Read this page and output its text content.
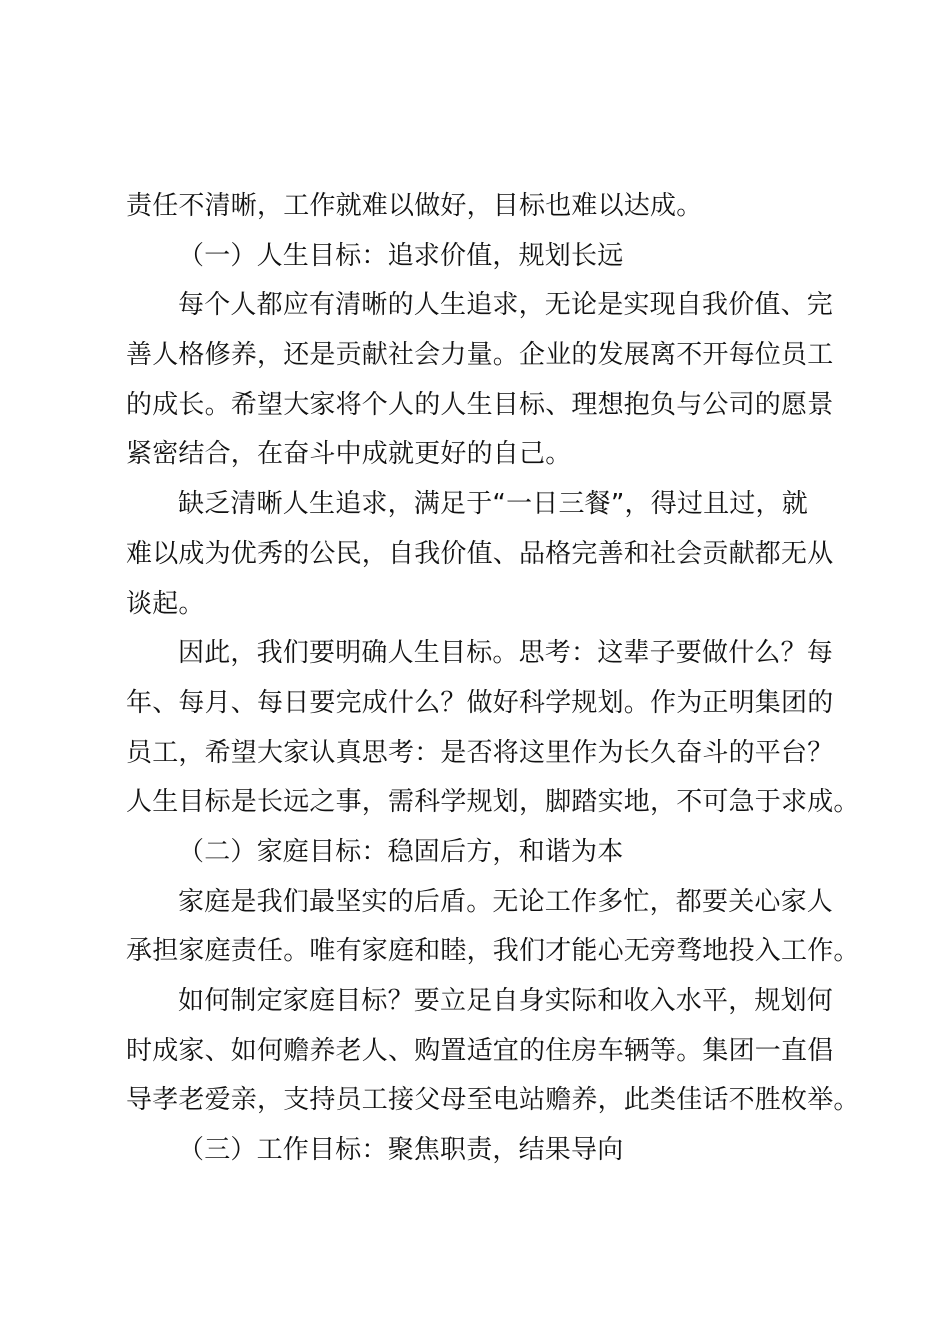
责任不清晰，工作就难以做好，目标也难以达成。
（一）人生目标：追求价值，规划长远
每个人都应有清晰的人生追求，无论是实现自我价值、完
善人格修养，还是贡献社会力量。企业的发展离不开每位员工
的成长。希望大家将个人的人生目标、理想抱负与公司的愿景
紧密结合，在奋斗中成就更好的自己。
缺乏清晰人生追求，满足于“一日三餐”，得过且过，就
难以成为优秀的公民，自我价值、品格完善和社会贡献都无从
谈起。
因此，我们要明确人生目标。思考：这辈子要做什么？每
年、每月、每日要完成什么？做好科学规划。作为正明集团的
员工，希望大家认真思考：是否将这里作为长久奋斗的平台？
人生目标是长远之事，需科学规划，脚踏实地，不可急于求成。
（二）家庭目标：稳固后方，和谐为本
家庭是我们最坚实的后盾。无论工作多忙，都要关心家人
承担家庭责任。唯有家庭和睦，我们才能心无旁骛地投入工作。
如何制定家庭目标？要立足自身实际和收入水平，规划何
时成家、如何赡养老人、购置适宜的住房车辆等。集团一直倡
导孝老爱亲，支持员工接父母至电站赡养，此类佳话不胜枚举。
（三）工作目标：聚焦职责，结果导向
